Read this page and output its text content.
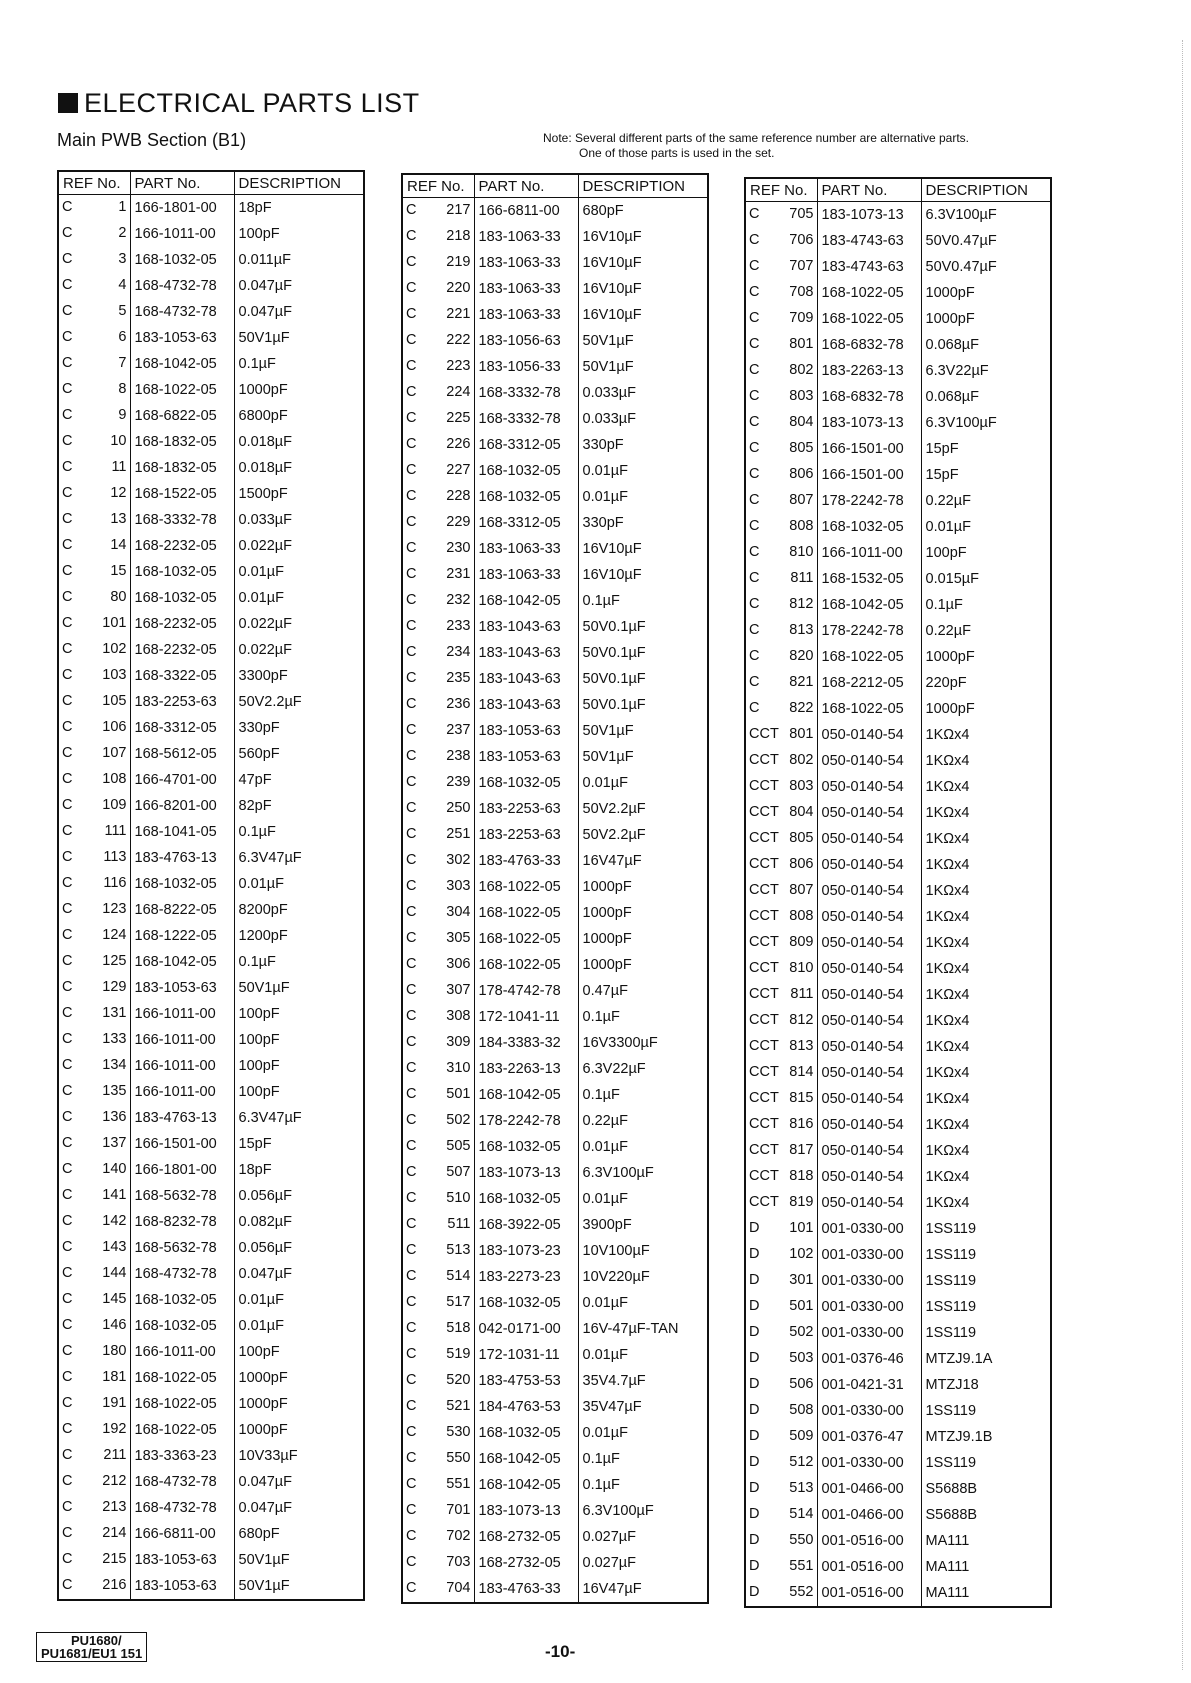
ELECTRICAL PARTS LIST
Main PWB Section (B1)	Note: Several different parts of the same reference number are alternative parts.
One of those parts is used in the set.
REF No.	PART No.	DESCRIPTION

C 1	166-1801-00	18pF

C 2	166-1011-00	100pF

C 3	168-1032-05	0.011µF

C 4	168-4732-78	0.047µF

C 5	168-4732-78	0.047µF

C 6	183-1053-63	50V1µF

C 7	168-1042-05	0.1µF

C 8	168-1022-05	1000pF

C 9	168-6822-05	6800pF

C 10	168-1832-05	0.018µF

C 11	168-1832-05	0.018µF

C 12	168-1522-05	1500pF

C 13	168-3332-78	0.033µF

C 14	168-2232-05	0.022µF

C 15	168-1032-05	0.01µF

C 80	168-1032-05	0.01µF

C 101	168-2232-05	0.022µF

C 102	168-2232-05	0.022µF

C 103	168-3322-05	3300pF

C 105	183-2253-63	50V2.2µF

C 106	168-3312-05	330pF

C 107	168-5612-05	560pF

C 108	166-4701-00	47pF

C 109	166-8201-00	82pF

C 111	168-1041-05	0.1µF

C 113	183-4763-13	6.3V47µF

C 116	168-1032-05	0.01µF

C 123	168-8222-05	8200pF

C 124	168-1222-05	1200pF

C 125	168-1042-05	0.1µF

C 129	183-1053-63	50V1µF

C 131	166-1011-00	100pF

C 133	166-1011-00	100pF

C 134	166-1011-00	100pF

C 135	166-1011-00	100pF

C 136	183-4763-13	6.3V47µF

C 137	166-1501-00	15pF

C 140	166-1801-00	18pF

C 141	168-5632-78	0.056µF

C 142	168-8232-78	0.082µF

C 143	168-5632-78	0.056µF

C 144	168-4732-78	0.047µF

C 145	168-1032-05	0.01µF

C 146	168-1032-05	0.01µF

C 180	166-1011-00	100pF

C 181	168-1022-05	1000pF

C 191	168-1022-05	1000pF

C 192	168-1022-05	1000pF

C 211	183-3363-23	10V33µF

C 212	168-4732-78	0.047µF

C 213	168-4732-78	0.047µF

C 214	166-6811-00	680pF

C 215	183-1053-63	50V1µF

C 216	183-1053-63	50V1µF
REF No.	PART No.	DESCRIPTION

C 217	166-6811-00	680pF

C 218	183-1063-33	16V10µF

C 219	183-1063-33	16V10µF

C 220	183-1063-33	16V10µF

C 221	183-1063-33	16V10µF

C 222	183-1056-63	50V1µF

C 223	183-1056-33	50V1µF

C 224	168-3332-78	0.033µF

C 225	168-3332-78	0.033µF

C 226	168-3312-05	330pF

C 227	168-1032-05	0.01µF

C 228	168-1032-05	0.01µF

C 229	168-3312-05	330pF

C 230	183-1063-33	16V10µF

C 231	183-1063-33	16V10µF

C 232	168-1042-05	0.1µF

C 233	183-1043-63	50V0.1µF

C 234	183-1043-63	50V0.1µF

C 235	183-1043-63	50V0.1µF

C 236	183-1043-63	50V0.1µF

C 237	183-1053-63	50V1µF

C 238	183-1053-63	50V1µF

C 239	168-1032-05	0.01µF

C 250	183-2253-63	50V2.2µF

C 251	183-2253-63	50V2.2µF

C 302	183-4763-33	16V47µF

C 303	168-1022-05	1000pF

C 304	168-1022-05	1000pF

C 305	168-1022-05	1000pF

C 306	168-1022-05	1000pF

C 307	178-4742-78	0.47µF

C 308	172-1041-11	0.1µF

C 309	184-3383-32	16V3300µF

C 310	183-2263-13	6.3V22µF

C 501	168-1042-05	0.1µF

C 502	178-2242-78	0.22µF

C 505	168-1032-05	0.01µF

C 507	183-1073-13	6.3V100µF

C 510	168-1032-05	0.01µF

C 511	168-3922-05	3900pF

C 513	183-1073-23	10V100µF

C 514	183-2273-23	10V220µF

C 517	168-1032-05	0.01µF

C 518	042-0171-00	16V-47µF-TAN

C 519	172-1031-11	0.01µF

C 520	183-4753-53	35V4.7µF

C 521	184-4763-53	35V47µF

C 530	168-1032-05	0.01µF

C 550	168-1042-05	0.1µF

C 551	168-1042-05	0.1µF

C 701	183-1073-13	6.3V100µF

C 702	168-2732-05	0.027µF

C 703	168-2732-05	0.027µF

C 704	183-4763-33	16V47µF
REF No.	PART No.	DESCRIPTION

C 705	183-1073-13	6.3V100µF

C 706	183-4743-63	50V0.47µF

C 707	183-4743-63	50V0.47µF

C 708	168-1022-05	1000pF

C 709	168-1022-05	1000pF

C 801	168-6832-78	0.068µF

C 802	183-2263-13	6.3V22µF

C 803	168-6832-78	0.068µF

C 804	183-1073-13	6.3V100µF

C 805	166-1501-00	15pF

C 806	166-1501-00	15pF

C 807	178-2242-78	0.22µF

C 808	168-1032-05	0.01µF

C 810	166-1011-00	100pF

C 811	168-1532-05	0.015µF

C 812	168-1042-05	0.1µF

C 813	178-2242-78	0.22µF

C 820	168-1022-05	1000pF

C 821	168-2212-05	220pF

C 822	168-1022-05	1000pF

CCT 801	050-0140-54	1KΩx4

CCT 802	050-0140-54	1KΩx4

CCT 803	050-0140-54	1KΩx4

CCT 804	050-0140-54	1KΩx4

CCT 805	050-0140-54	1KΩx4

CCT 806	050-0140-54	1KΩx4

CCT 807	050-0140-54	1KΩx4

CCT 808	050-0140-54	1KΩx4

CCT 809	050-0140-54	1KΩx4

CCT 810	050-0140-54	1KΩx4

CCT 811	050-0140-54	1KΩx4

CCT 812	050-0140-54	1KΩx4

CCT 813	050-0140-54	1KΩx4

CCT 814	050-0140-54	1KΩx4

CCT 815	050-0140-54	1KΩx4

CCT 816	050-0140-54	1KΩx4

CCT 817	050-0140-54	1KΩx4

CCT 818	050-0140-54	1KΩx4

CCT 819	050-0140-54	1KΩx4

D 101	001-0330-00	1SS119

D 102	001-0330-00	1SS119

D 301	001-0330-00	1SS119

D 501	001-0330-00	1SS119

D 502	001-0330-00	1SS119

D 503	001-0376-46	MTZJ9.1A

D 506	001-0421-31	MTZJ18

D 508	001-0330-00	1SS119

D 509	001-0376-47	MTZJ9.1B

D 512	001-0330-00	1SS119

D 513	001-0466-00	S5688B

D 514	001-0466-00	S5688B

D 550	001-0516-00	MA111

D 551	001-0516-00	MA111

D 552	001-0516-00	MA111
PU1680/
PU1681/EU1 151	-10-
